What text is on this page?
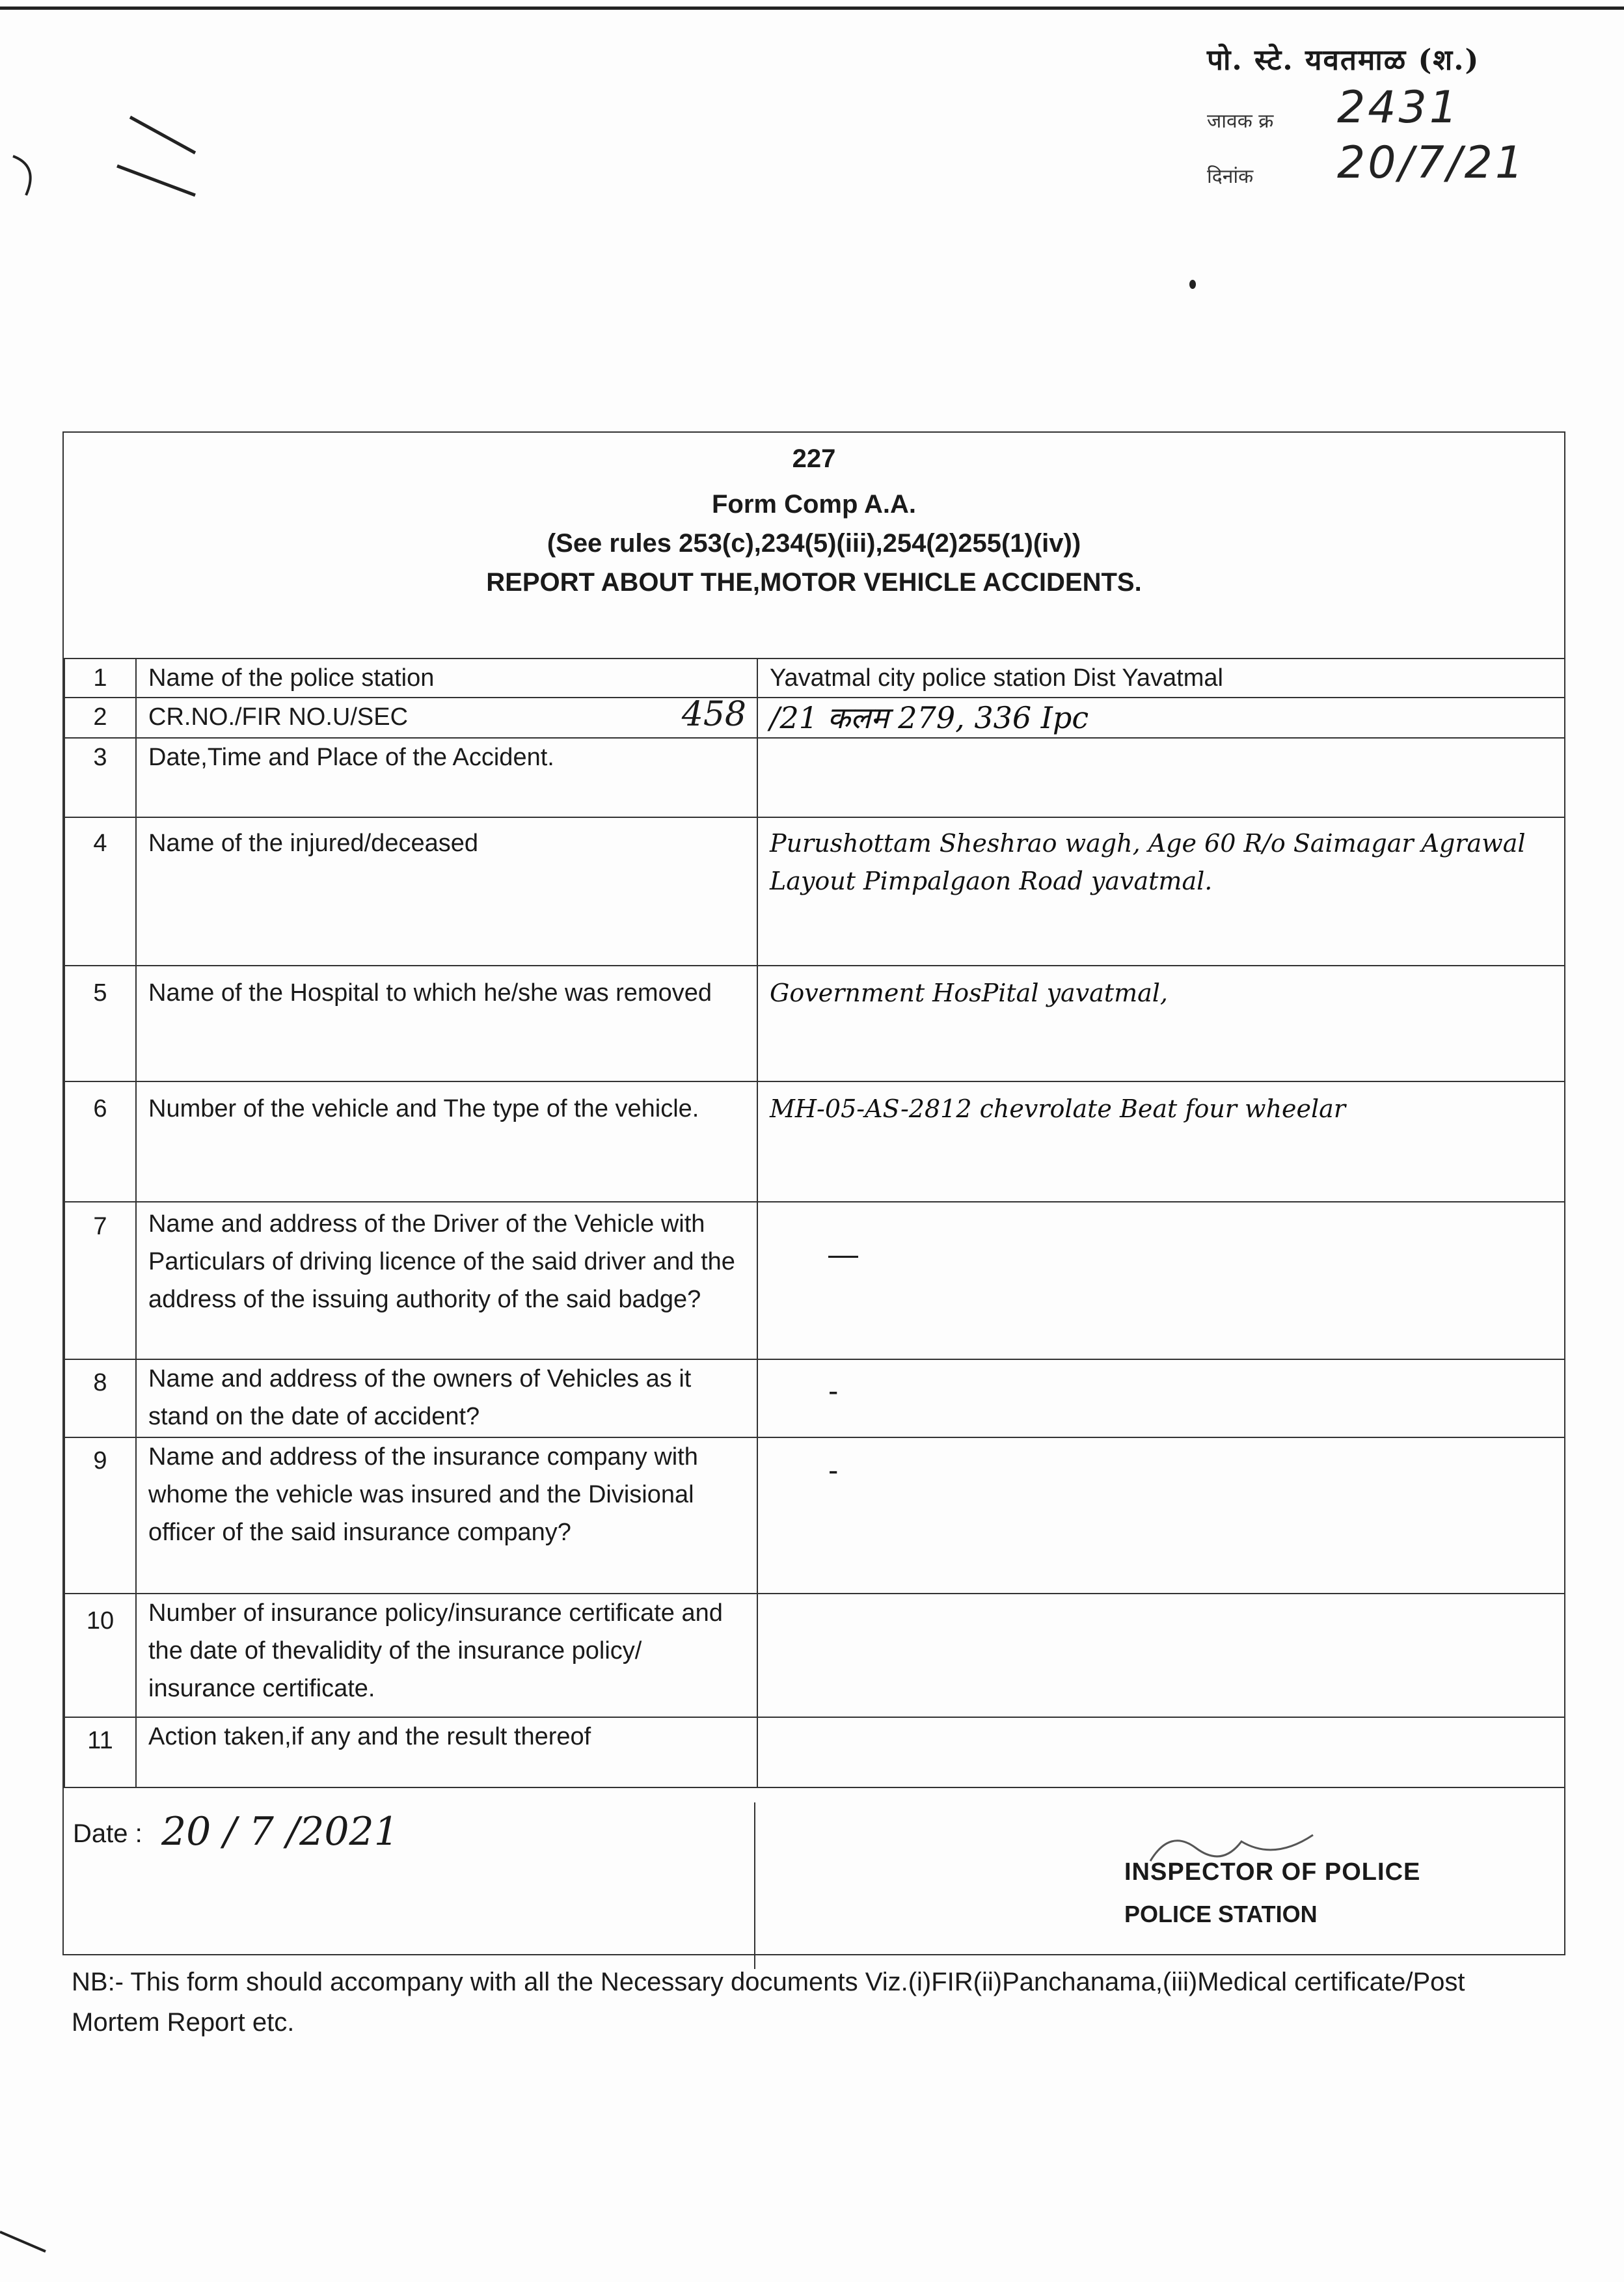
पो. स्टे. यवतमाळ (श.)
जावक क्र	2431
दिनांक	20/7/21
227
Form Comp A.A.
(See rules 253(c),234(5)(iii),254(2)255(1)(iv))
REPORT ABOUT THE,MOTOR VEHICLE ACCIDENTS.
1	Name of the police station	Yavatmal city police station Dist Yavatmal
2	CR.NO./FIR NO.U/SEC 458	/21 कलम 279, 336 Ipc
3	Date,Time and Place of the Accident.	
4	Name of the injured/deceased	Purushottam Sheshrao wagh, Age 60 R/o Saimagar Agrawal Layout Pimpalgaon Road yavatmal.
5	Name of the Hospital to which he/she was removed	Government HosPital yavatmal,
6	Number of the vehicle and The type of the vehicle.	MH-05-AS-2812 chevrolate Beat four wheelar
7	Name and address of the Driver of the Vehicle with Particulars of driving licence of the said driver and the address of the issuing authority of the said badge?	—

8	Name and address of the owners of Vehicles as it stand on the date of accident?	-

9	Name and address of the insurance company with whome the vehicle was insured and the Divisional officer of the said insurance company?	-

10	Number of insurance policy/insurance certificate and the date of thevalidity of the insurance policy/ insurance certificate.	
11	Action taken,if any and the result thereof	
Date : 20 / 7 /2021
INSPECTOR OF POLICE
POLICE STATION
NB:- This form should accompany with all the Necessary documents Viz.(i)FIR(ii)Panchanama,(iii)Medical certificate/Post Mortem Report etc.
